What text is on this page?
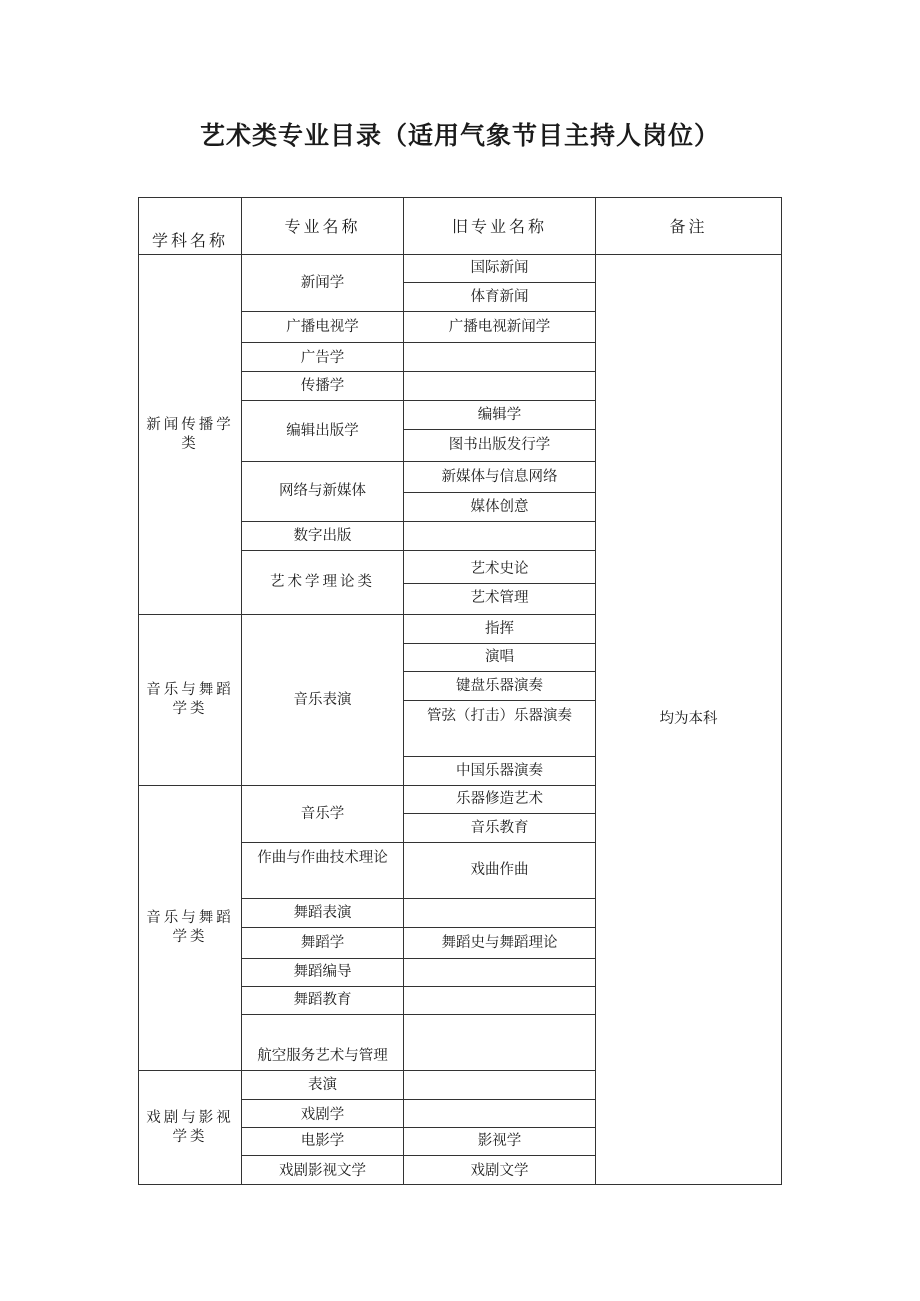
艺术类专业目录（适用气象节目主持人岗位）
学科名称	专业名称	旧专业名称	备注	
新闻传播学类	新闻学	国际新闻	均为本科	
		体育新闻		
	广播电视学	广播电视新闻学		
	广告学			
	传播学			
	编辑出版学	编辑学		
		图书出版发行学		
	网络与新媒体	新媒体与信息网络		
		媒体创意		
	数字出版			
	艺术学理论类	艺术史论	
		艺术管理		
音乐与舞蹈学类	音乐表演	指挥		
		演唱		
		键盘乐器演奏		
		管弦（打击）乐器演奏		
		中国乐器演奏		
音乐与舞蹈学类	音乐学	乐器修造艺术		
		音乐教育		
	作曲与作曲技术理论	戏曲作曲		
	舞蹈表演			
	舞蹈学	舞蹈史与舞蹈理论		
	舞蹈编导			
	舞蹈教育			
	航空服务艺术与管理			

戏剧与影视学类	表演			
	戏剧学			
	电影学	影视学		
	戏剧影视文学	戏剧文学		
